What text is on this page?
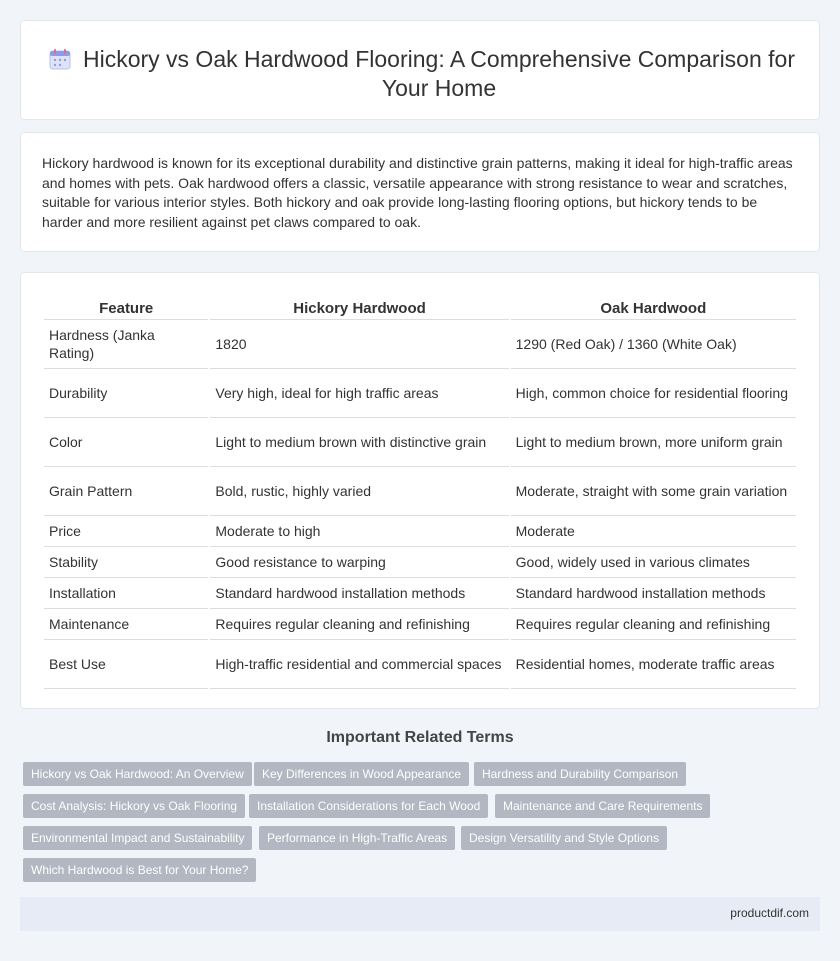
Hickory vs Oak Hardwood Flooring: A Comprehensive Comparison for Your Home

Hickory hardwood is known for its exceptional durability and distinctive grain patterns, making it ideal for high-traffic areas and homes with pets. Oak hardwood offers a classic, versatile appearance with strong resistance to wear and scratches, suitable for various interior styles. Both hickory and oak provide long-lasting flooring options, but hickory tends to be harder and more resilient against pet claws compared to oak.

Feature	Hickory Hardwood	Oak Hardwood
Hardness (Janka Rating)	1820	1290 (Red Oak) / 1360 (White Oak)
Durability	Very high, ideal for high traffic areas	High, common choice for residential flooring
Color	Light to medium brown with distinctive grain	Light to medium brown, more uniform grain
Grain Pattern	Bold, rustic, highly varied	Moderate, straight with some grain variation
Price	Moderate to high	Moderate
Stability	Good resistance to warping	Good, widely used in various climates
Installation	Standard hardwood installation methods	Standard hardwood installation methods
Maintenance	Requires regular cleaning and refinishing	Requires regular cleaning and refinishing
Best Use	High-traffic residential and commercial spaces	Residential homes, moderate traffic areas
Important Related Terms
Hickory vs Oak Hardwood: An Overview	Key Differences in Wood Appearance	Hardness and Durability Comparison
Cost Analysis: Hickory vs Oak Flooring	Installation Considerations for Each Wood	Maintenance and Care Requirements
Environmental Impact and Sustainability	Performance in High-Traffic Areas	Design Versatility and Style Options
Which Hardwood is Best for Your Home?
productdif.com
